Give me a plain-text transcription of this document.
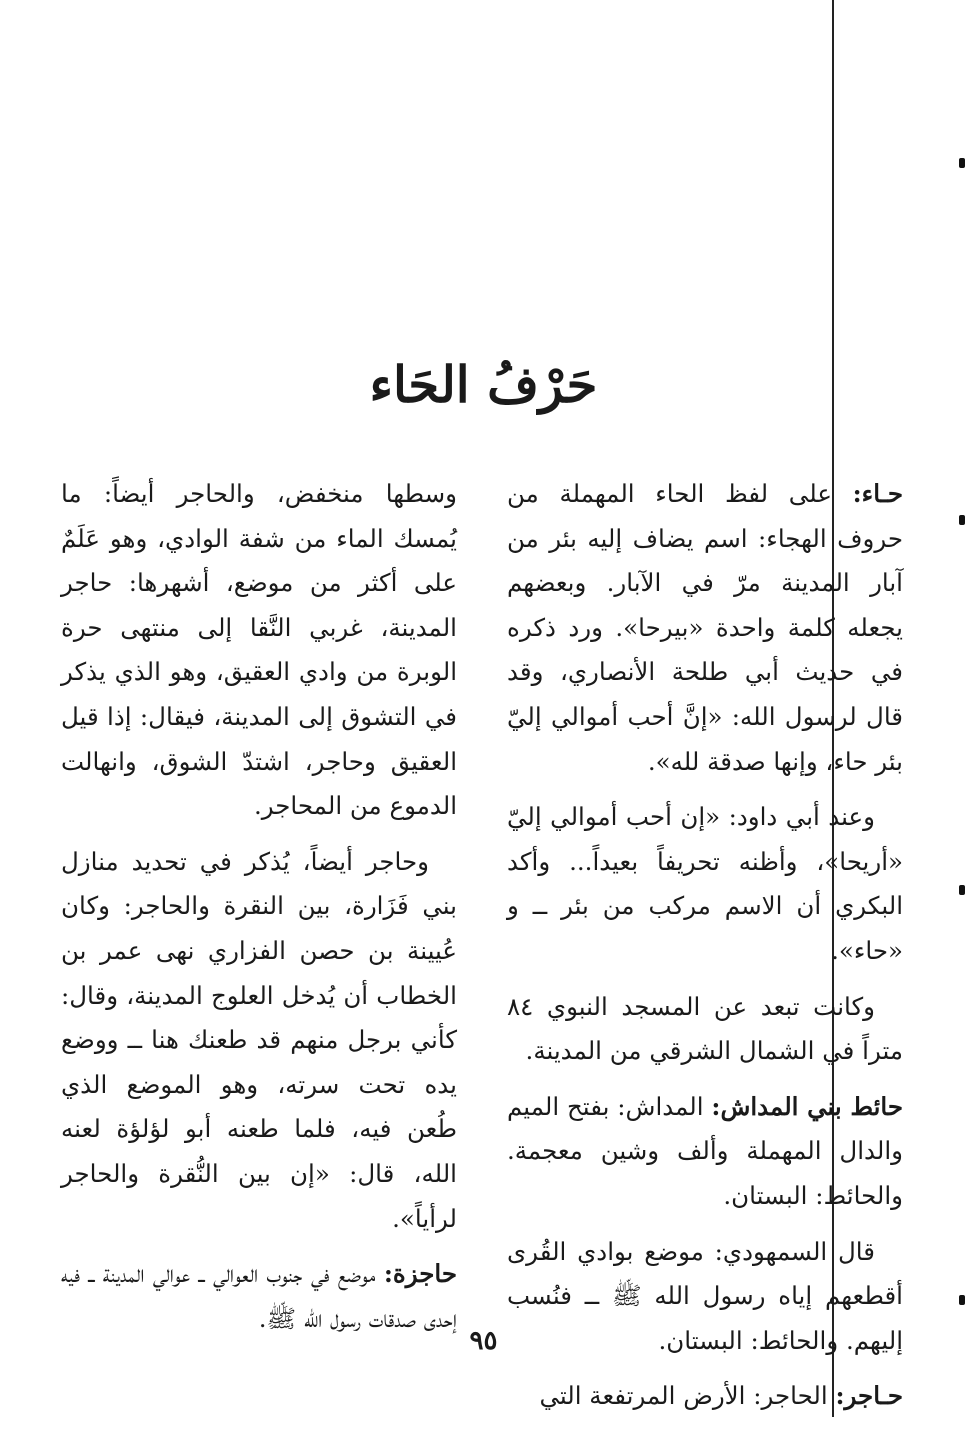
حَرْفُ الحَاء

حـاء: على لفظ الحاء المهملة من حروف الهجاء: اسم يضاف إليه بئر من آبار المدينة مرّ في الآبار. وبعضهم يجعله كلمة واحدة «بيرحا». ورد ذكره في حديث أبي طلحة الأنصاري، وقد قال لرسول الله: «إنَّ أحب أموالي إليّ بئر حاء، وإنها صدقة لله».

وعند أبي داود: «إن أحب أموالي إليّ «أريحا»، وأظنه تحريفاً بعيداً... وأكد البكري أن الاسم مركب من بئر ــ و «حاء».

وكانت تبعد عن المسجد النبوي ٨٤ متراً في الشمال الشرقي من المدينة.

حائط بني المداش: المداش: بفتح الميم والدال المهملة وألف وشين معجمة. والحائط: البستان.

قال السمهودي: موضع بوادي القُرى أقطعهم إياه رسول الله ﷺ ــ فنُسب إليهم. والحائط: البستان.

حـاجر: الحاجر: الأرض المرتفعة التي

وسطها منخفض، والحاجر أيضاً: ما يُمسك الماء من شفة الوادي، وهو عَلَمٌ على أكثر من موضع، أشهرها: حاجر المدينة، غربي النَّقا إلى منتهى حرة الوبرة من وادي العقيق، وهو الذي يذكر في التشوق إلى المدينة، فيقال: إذا قيل العقيق وحاجر، اشتدّ الشوق، وانهالت الدموع من المحاجر.

وحاجر أيضاً، يُذكر في تحديد منازل بني فَزَارة، بين النقرة والحاجر: وكان عُيينة بن حصن الفزاري نهى عمر بن الخطاب أن يُدخل العلوج المدينة، وقال: كأني برجل منهم قد طعنك هنا ــ ووضع يده تحت سرته، وهو الموضع الذي طُعن فيه، فلما طعنه أبو لؤلؤة لعنه الله، قال: «إن بين النُّقرة والحاجر لرأياً».

حاجزة: موضع في جنوب العوالي ــ عوالي المدينة ــ فيه إحدى صدقات رسول الله ﷺ.

٩٥
